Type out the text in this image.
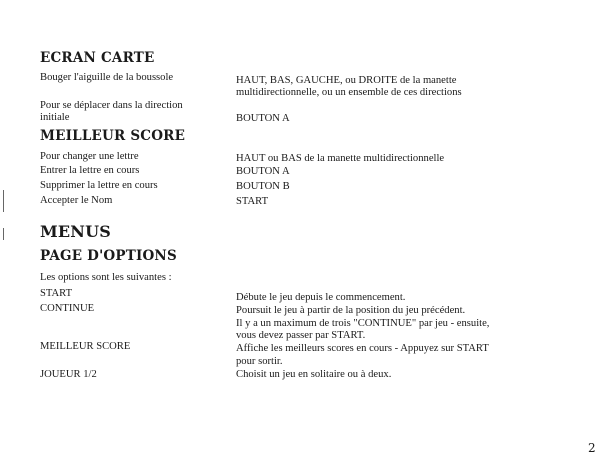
ECRAN CARTE
Bouger l'aiguille de la boussole	HAUT, BAS, GAUCHE, ou DROITE de la manette
multidirectionnelle, ou un ensemble de ces directions
Pour se déplacer dans la direction
initiale	BOUTON A
MEILLEUR SCORE
Pour changer une lettre	HAUT ou BAS de la manette multidirectionnelle
Entrer la lettre en cours	BOUTON A
Supprimer la lettre en cours	BOUTON B
Accepter le Nom	START
MENUS
PAGE D'OPTIONS
Les options sont les suivantes :
START	Débute le jeu depuis le commencement.
CONTINUE	Poursuit le jeu à partir de la position du jeu précédent.
Il y a un maximum de trois "CONTINUE" par jeu - ensuite,
vous devez passer par START.
MEILLEUR SCORE	Affiche les meilleurs scores en cours - Appuyez sur START
pour sortir.
JOUEUR 1/2	Choisit un jeu en solitaire ou à deux.
2
